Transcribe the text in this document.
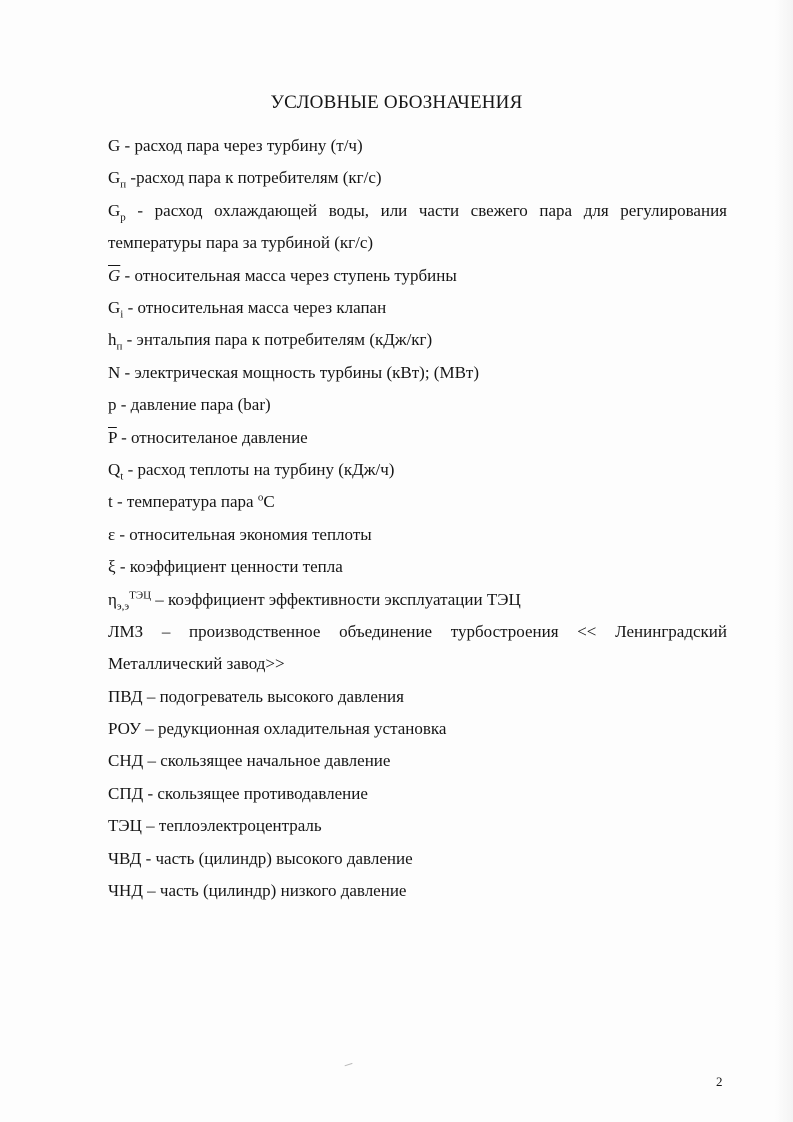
УСЛОВНЫЕ ОБОЗНАЧЕНИЯ
G - расход пара через турбину (т/ч)
$G_п$ -расход пара к потребителям (кг/с)
$G_р$ - расход охлаждающей воды, или части свежего пара для регулирования
температуры пара за турбиной (кг/с)
$\overline{G}$ - относительная масса через ступень турбины
$G_i$ - относительная масса через клапан
$h_п$ - энтальпия пара к потребителям (кДж/кг)
N - электрическая мощность турбины (кВт); (МВт)
p - давление пара (bar)
$\overline{P}$ - относителаное давление
$Q_t$ - расход теплоты на турбину (кДж/ч)
t - температура пара $^o$C
ε - относительная экономия теплоты
ξ - коэффициент ценности тепла
$\eta_{э,э}^{ТЭЦ}$ – коэффициент эффективности эксплуатации ТЭЦ
ЛМЗ – производственное объединение турбостроения << Ленинградский
Металлический завод>>
ПВД – подогреватель высокого давления
РОУ – редукционная охладительная установка
СНД – скользящее начальное давление
СПД - скользящее противодавление
ТЭЦ – теплоэлектроцентраль
ЧВД - часть (цилиндр) высокого давление
ЧНД – часть (цилиндр) низкого давление
2
